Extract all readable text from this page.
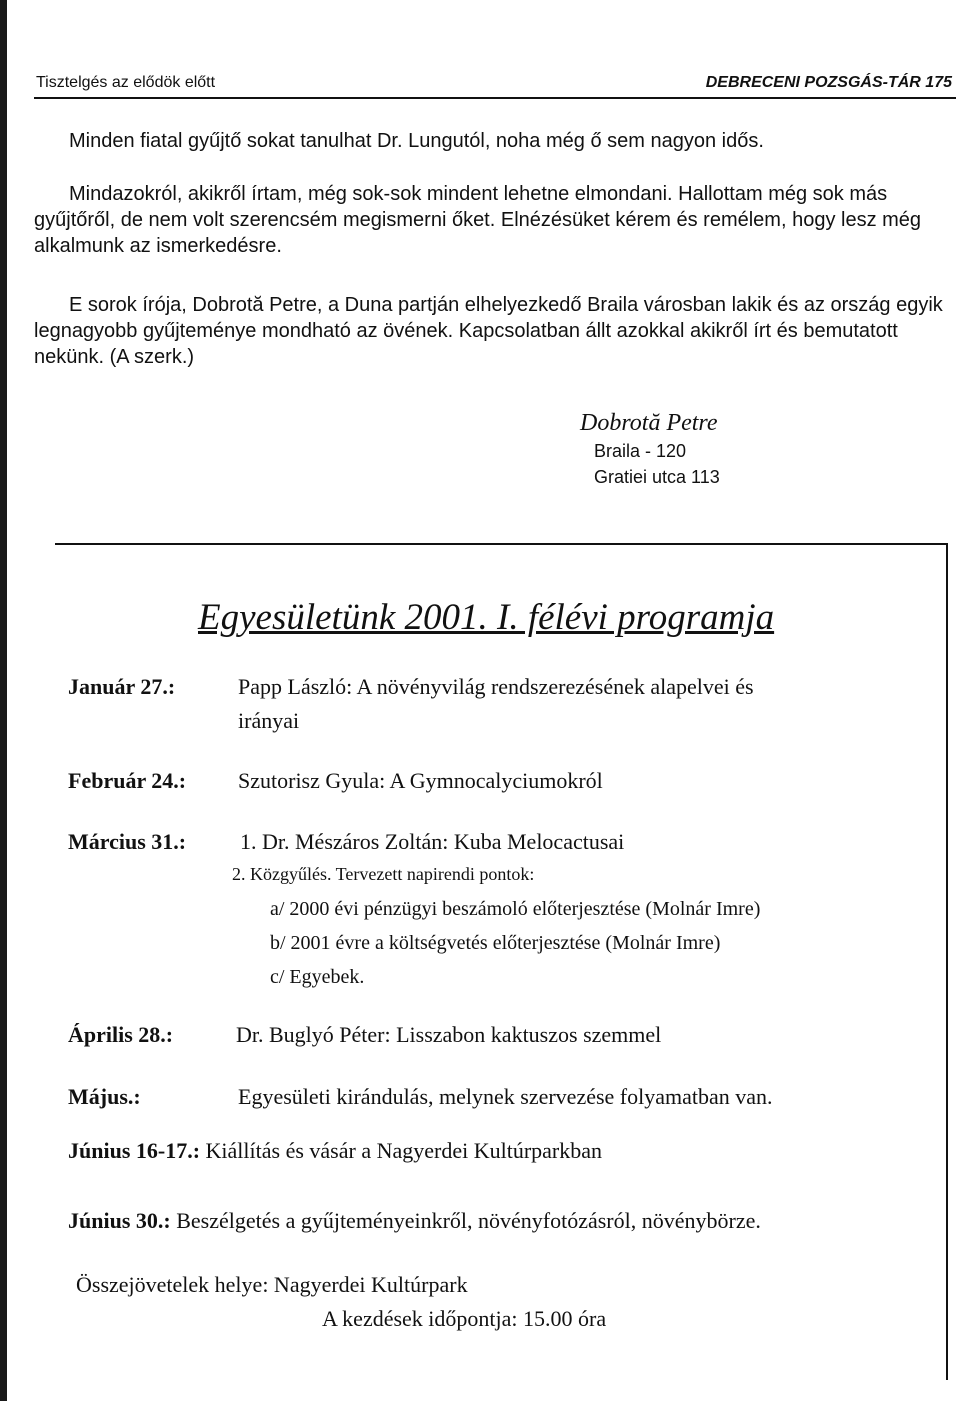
Tisztelgés az elődök előtt	DEBRECENI POZSGÁS-TÁR 175

Minden fiatal gyűjtő sokat tanulhat Dr. Lungutól, noha még ő sem nagyon idős.

Mindazokról, akikről írtam, még sok-sok mindent lehetne elmondani. Hallottam még sok más gyűjtőről, de nem volt szerencsém megismerni őket. Elnézésüket kérem és remélem, hogy lesz még alkalmunk az ismerkedésre.

E sorok írója, Dobrotă Petre, a Duna partján elhelyezkedő Braila városban lakik és az ország egyik legnagyobb gyűjteménye mondható az övének. Kapcsolatban állt azokkal akikről írt és bemutatott nekünk. (A szerk.)

Dobrotă Petre
Braila - 120
Gratiei utca 113
Egyesületünk 2001. I. félévi programja
Január 27.:	Papp László: A növényvilág rendszerezésének alapelvei és
irányai
Február 24.: Szutorisz Gyula: A Gymnocalyciumokról
Március 31.: 1. Dr. Mészáros Zoltán: Kuba Melocactusai
2. Közgyűlés. Tervezett napirendi pontok:
a/ 2000 évi pénzügyi beszámoló előterjesztése (Molnár Imre)
b/ 2001 évre a költségvetés előterjesztése (Molnár Imre)
c/ Egyebek.
Április 28.:	Dr. Buglyó Péter: Lisszabon kaktuszos szemmel
Május.:	Egyesületi kirándulás, melynek szervezése folyamatban van.
Június 16-17.: Kiállítás és vásár a Nagyerdei Kultúrparkban
Június 30.: Beszélgetés a gyűjteményeinkről, növényfotózásról, növénybörze.
Összejövetelek helye: Nagyerdei Kultúrpark
A kezdések időpontja: 15.00 óra
